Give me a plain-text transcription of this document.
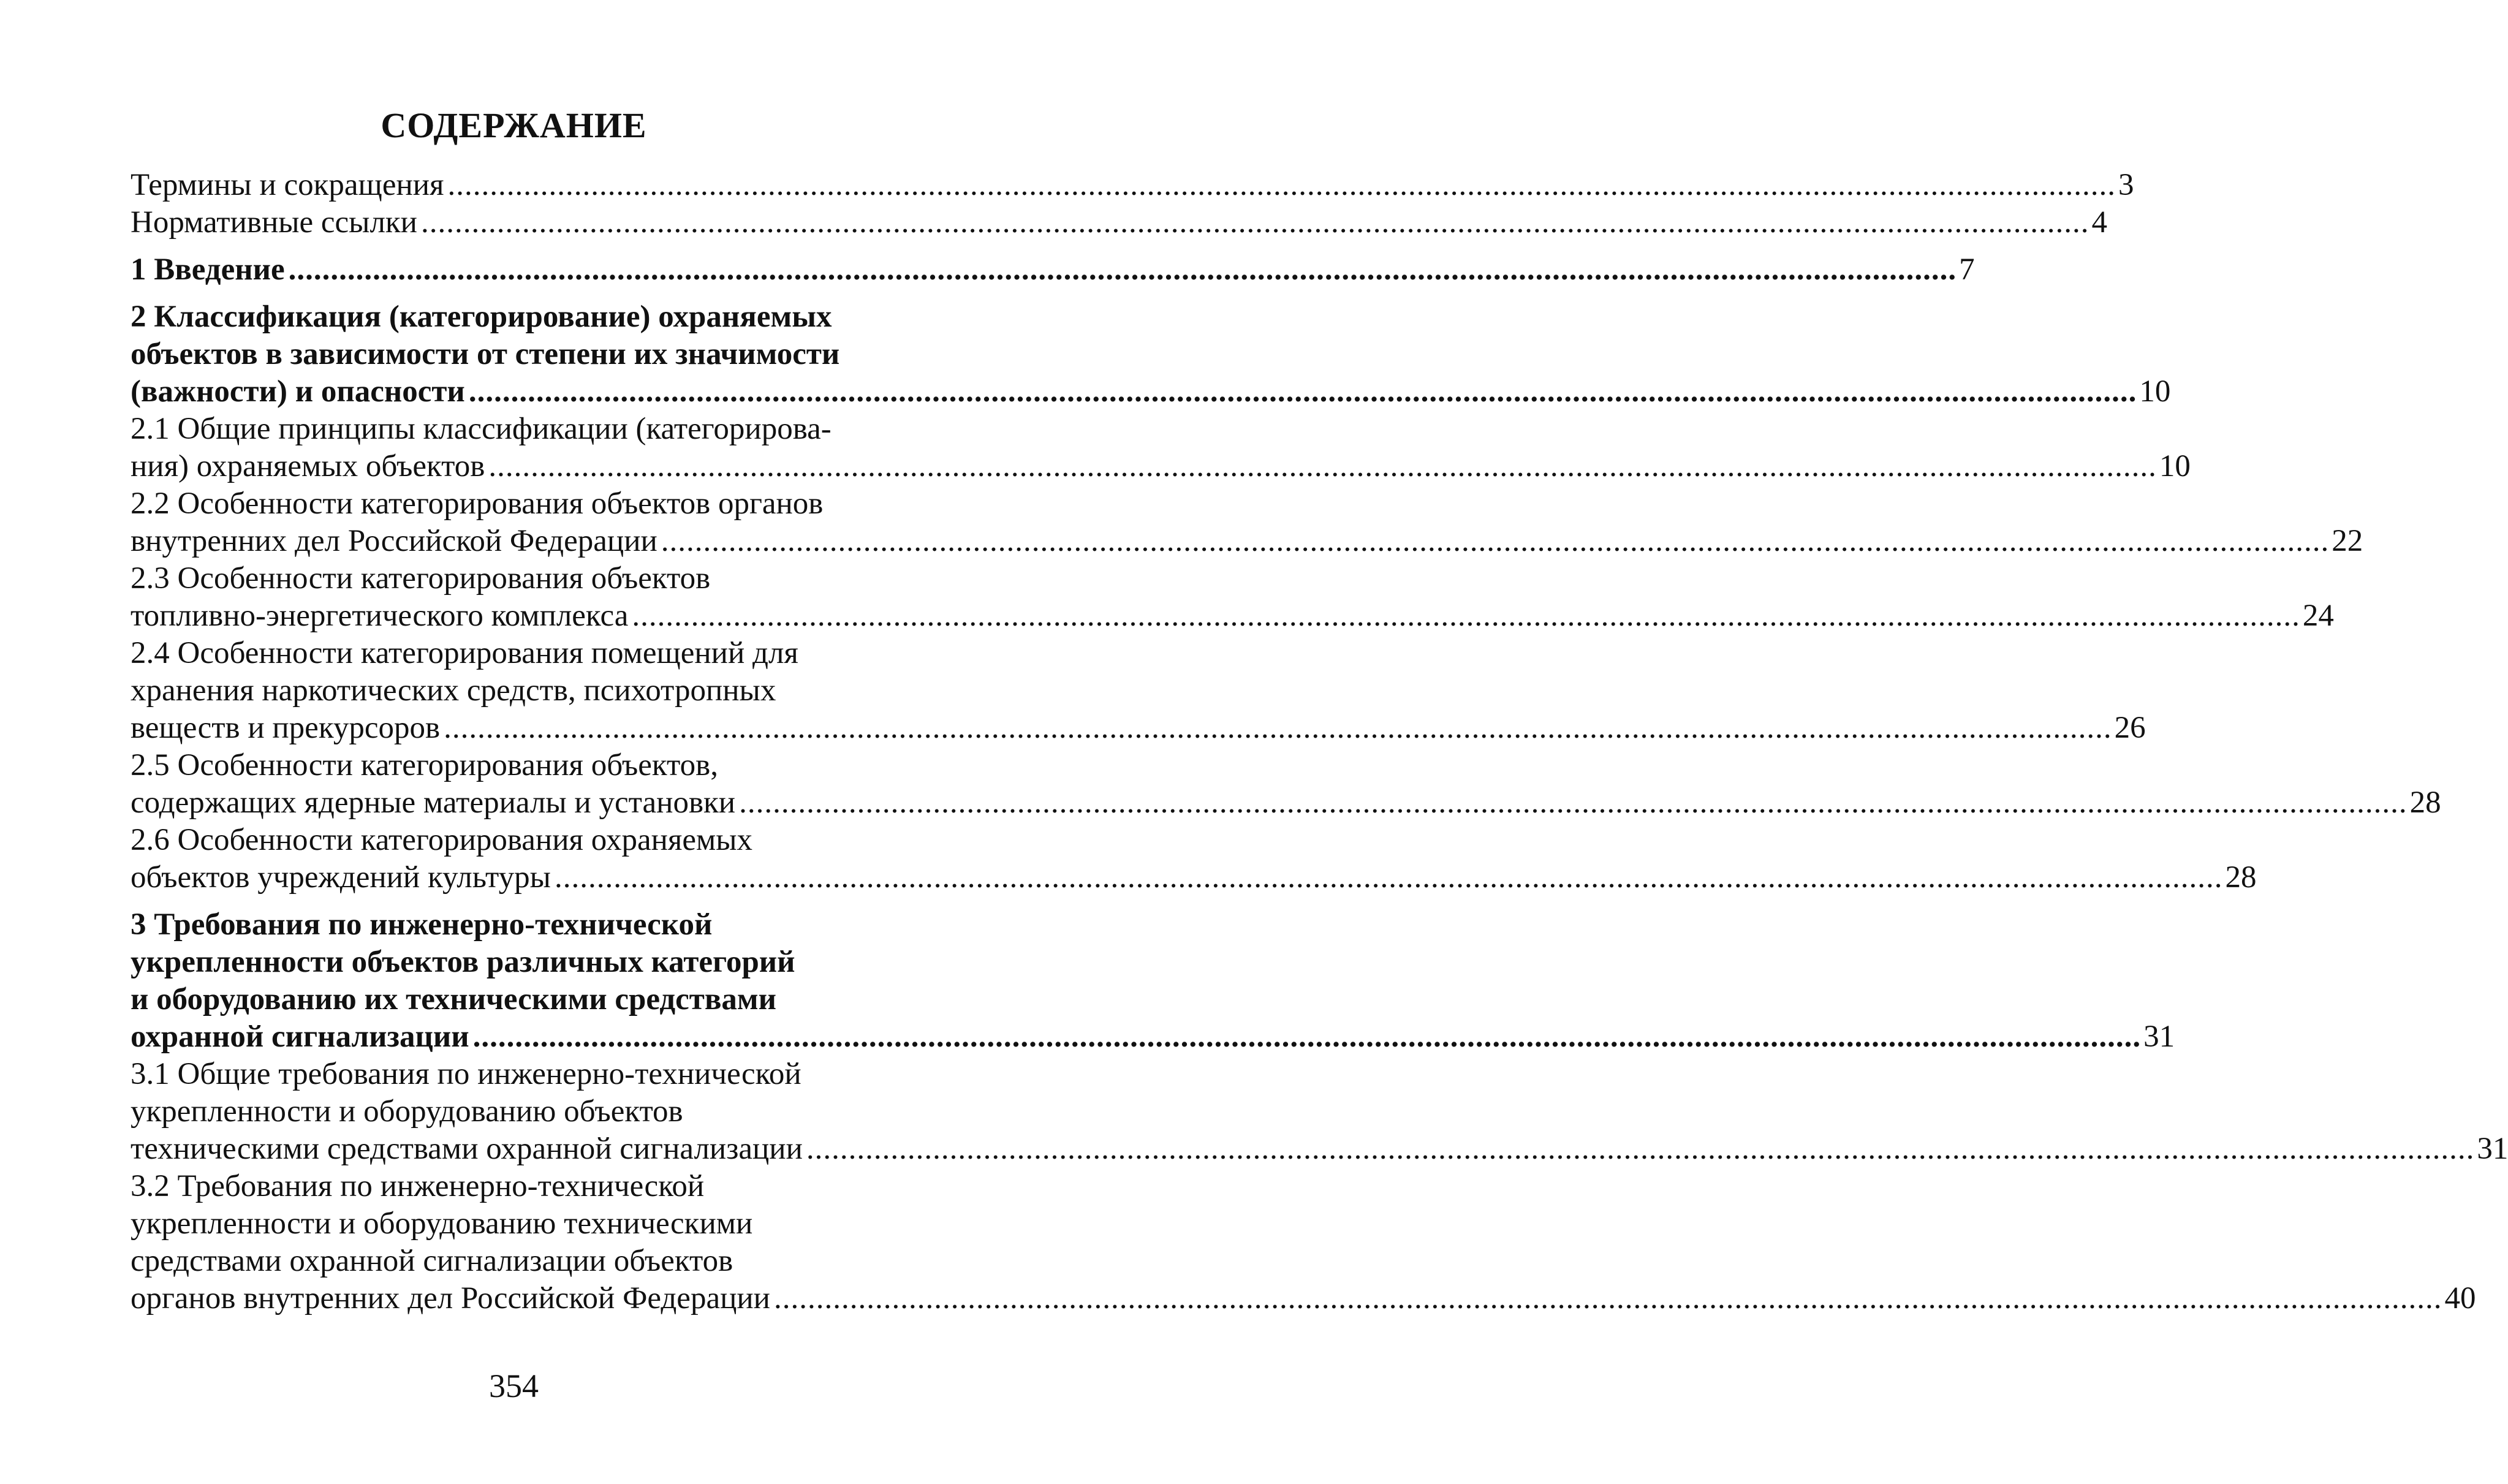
СОДЕРЖАНИЕ
Термины и сокращения ...................................................................................................................................................................................................... 3
Нормативные ссылки ...................................................................................................................................................................................................... 4
1 Введение ...................................................................................................................................................................................................... 7
2 Классификация (категорирование) охраняемых
объектов в зависимости от степени их значимости
(важности) и опасности ...................................................................................................................................................................................................... 10
2.1 Общие принципы классификации (категорирова-
ния) охраняемых объектов ...................................................................................................................................................................................................... 10
2.2 Особенности категорирования объектов органов
внутренних дел Российской Федерации ...................................................................................................................................................................................................... 22
2.3 Особенности категорирования объектов
топливно-энергетического комплекса ...................................................................................................................................................................................................... 24
2.4 Особенности категорирования помещений для
хранения наркотических средств, психотропных
веществ и прекурсоров ...................................................................................................................................................................................................... 26
2.5 Особенности категорирования объектов,
содержащих ядерные материалы и установки ...................................................................................................................................................................................................... 28
2.6 Особенности категорирования охраняемых
объектов учреждений культуры ...................................................................................................................................................................................................... 28
3 Требования по инженерно-технической
укрепленности объектов различных категорий
и оборудованию их техническими средствами
охранной сигнализации ...................................................................................................................................................................................................... 31
3.1 Общие требования по инженерно-технической
укрепленности и оборудованию объектов
техническими средствами охранной сигнализации ...................................................................................................................................................................................................... 31
3.2 Требования по инженерно-технической
укрепленности и оборудованию техническими
средствами охранной сигнализации объектов
органов внутренних дел Российской Федерации ...................................................................................................................................................................................................... 40
354
